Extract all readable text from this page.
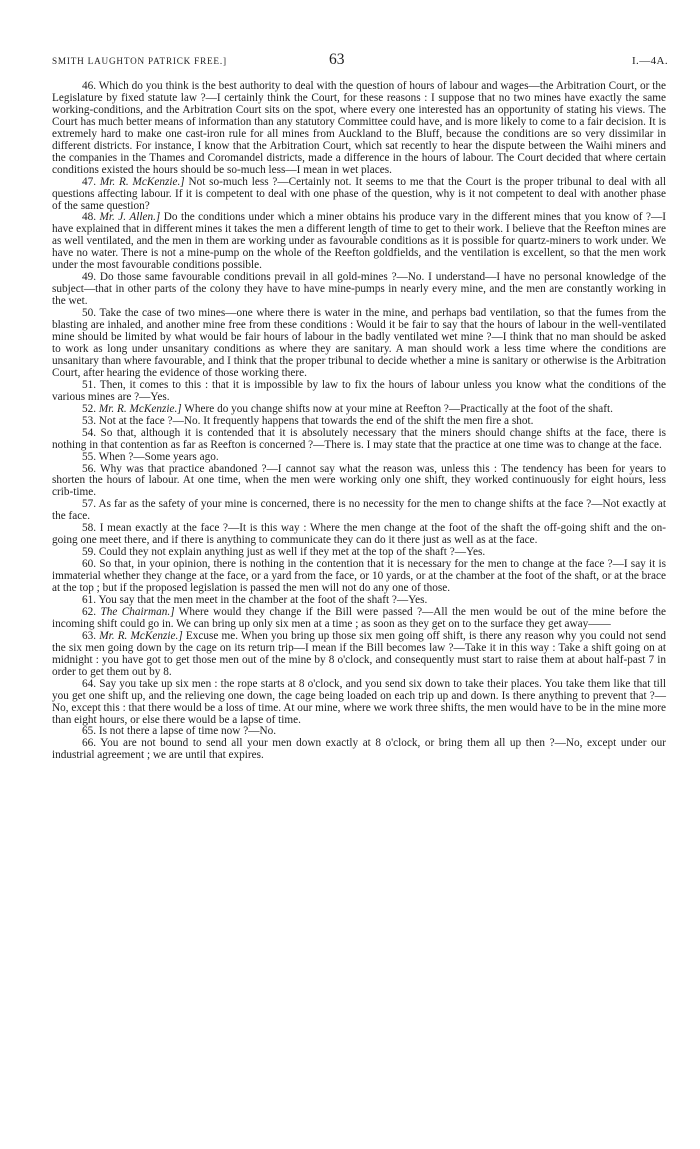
SMITH LAUGHTON PATRICK FREE.]	63	I.—4A.

46. Which do you think is the best authority to deal with the question of hours of labour and wages—the Arbitration Court, or the Legislature by fixed statute law ?—I certainly think the Court, for these reasons : I suppose that no two mines have exactly the same working-conditions, and the Arbitration Court sits on the spot, where every one interested has an opportunity of stating his views. The Court has much better means of information than any statutory Committee could have, and is more likely to come to a fair decision. It is extremely hard to make one cast-iron rule for all mines from Auckland to the Bluff, because the conditions are so very dissimilar in different districts. For instance, I know that the Arbitration Court, which sat recently to hear the dispute between the Waihi miners and the companies in the Thames and Coromandel districts, made a difference in the hours of labour. The Court decided that where certain conditions existed the hours should be so-much less—I mean in wet places.

47. Mr. R. McKenzie.] Not so-much less ?—Certainly not. It seems to me that the Court is the proper tribunal to deal with all questions affecting labour. If it is competent to deal with one phase of the question, why is it not competent to deal with another phase of the same question?

48. Mr. J. Allen.] Do the conditions under which a miner obtains his produce vary in the different mines that you know of ?—I have explained that in different mines it takes the men a different length of time to get to their work. I believe that the Reefton mines are as well ventilated, and the men in them are working under as favourable conditions as it is possible for quartz-miners to work under. We have no water. There is not a mine-pump on the whole of the Reefton goldfields, and the ventilation is excellent, so that the men work under the most favourable conditions possible.

49. Do those same favourable conditions prevail in all gold-mines ?—No. I understand—I have no personal knowledge of the subject—that in other parts of the colony they have to have mine-pumps in nearly every mine, and the men are constantly working in the wet.

50. Take the case of two mines—one where there is water in the mine, and perhaps bad ventilation, so that the fumes from the blasting are inhaled, and another mine free from these conditions : Would it be fair to say that the hours of labour in the well-ventilated mine should be limited by what would be fair hours of labour in the badly ventilated wet mine ?—I think that no man should be asked to work as long under unsanitary conditions as where they are sanitary. A man should work a less time where the conditions are unsanitary than where favourable, and I think that the proper tribunal to decide whether a mine is sanitary or otherwise is the Arbitration Court, after hearing the evidence of those working there.

51. Then, it comes to this : that it is impossible by law to fix the hours of labour unless you know what the conditions of the various mines are ?—Yes.

52. Mr. R. McKenzie.] Where do you change shifts now at your mine at Reefton ?—Practically at the foot of the shaft.

53. Not at the face ?—No. It frequently happens that towards the end of the shift the men fire a shot.

54. So that, although it is contended that it is absolutely necessary that the miners should change shifts at the face, there is nothing in that contention as far as Reefton is concerned ?—There is. I may state that the practice at one time was to change at the face.

55. When ?—Some years ago.

56. Why was that practice abandoned ?—I cannot say what the reason was, unless this : The tendency has been for years to shorten the hours of labour. At one time, when the men were working only one shift, they worked continuously for eight hours, less crib-time.

57. As far as the safety of your mine is concerned, there is no necessity for the men to change shifts at the face ?—Not exactly at the face.

58. I mean exactly at the face ?—It is this way : Where the men change at the foot of the shaft the off-going shift and the on-going one meet there, and if there is anything to communicate they can do it there just as well as at the face.

59. Could they not explain anything just as well if they met at the top of the shaft ?—Yes.

60. So that, in your opinion, there is nothing in the contention that it is necessary for the men to change at the face ?—I say it is immaterial whether they change at the face, or a yard from the face, or 10 yards, or at the chamber at the foot of the shaft, or at the brace at the top ; but if the proposed legislation is passed the men will not do any one of those.

61. You say that the men meet in the chamber at the foot of the shaft ?—Yes.

62. The Chairman.] Where would they change if the Bill were passed ?—All the men would be out of the mine before the incoming shift could go in. We can bring up only six men at a time ; as soon as they get on to the surface they get away——

63. Mr. R. McKenzie.] Excuse me. When you bring up those six men going off shift, is there any reason why you could not send the six men going down by the cage on its return trip—I mean if the Bill becomes law ?—Take it in this way : Take a shift going on at midnight : you have got to get those men out of the mine by 8 o'clock, and consequently must start to raise them at about half-past 7 in order to get them out by 8.

64. Say you take up six men : the rope starts at 8 o'clock, and you send six down to take their places. You take them like that till you get one shift up, and the relieving one down, the cage being loaded on each trip up and down. Is there anything to prevent that ?—No, except this : that there would be a loss of time. At our mine, where we work three shifts, the men would have to be in the mine more than eight hours, or else there would be a lapse of time.

65. Is not there a lapse of time now ?—No.

66. You are not bound to send all your men down exactly at 8 o'clock, or bring them all up then ?—No, except under our industrial agreement ; we are until that expires.
